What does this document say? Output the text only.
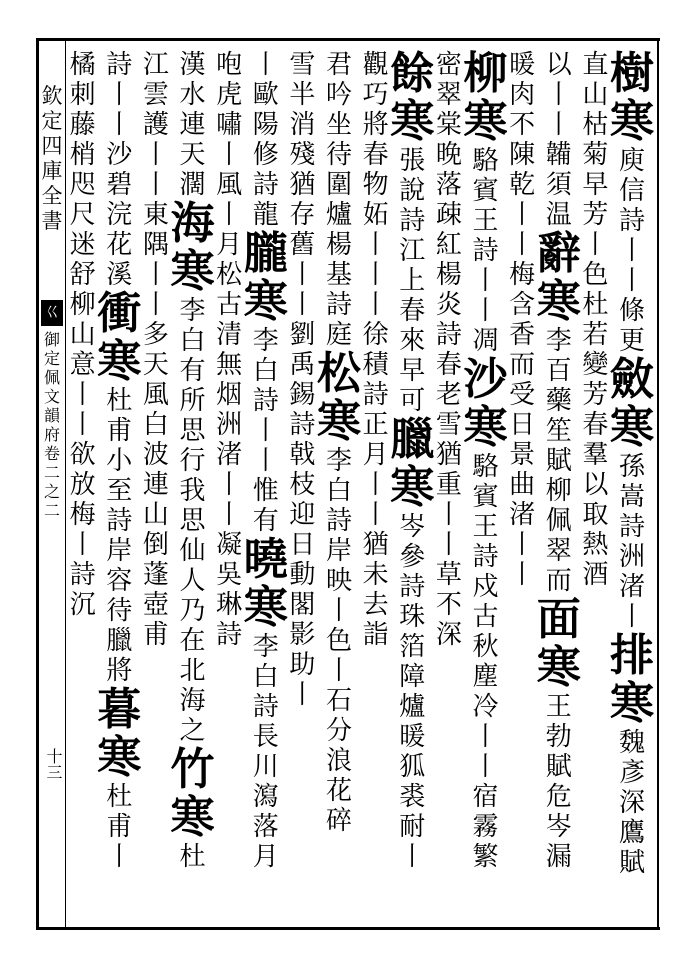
欽
定
四
庫
全
書
巜
御
定
佩
文
韻
府
卷
二
之
二
十三
樹
寒
庾
信
詩
丨
丨
條
更
斂
寒
孫
嵩
詩
洲
渚
丨
排
寒
魏
彥
深
鷹
賦
直
山
枯
菊
早
芳
丨
色
杜
若
變
芳
春
羣
以
取
熱
酒
以
丨
丨
韛
須
温
辭
寒
李
百
藥
笙
賦
柳
佩
翠
而
面
寒
王
勃
賦
危
岑
漏
暖
肉
不
陳
乾
丨
丨
梅
含
香
而
受
日
景
曲
渚
丨
丨
柳
寒
駱
賓
王
詩
丨
丨
凋
沙
寒
駱
賓
王
詩
戍
古
秋
塵
冷
丨
丨
宿
霧
繁
密
翠
棠
晚
落
疎
紅
楊
炎
詩
春
老
雪
猶
重
丨
丨
草
不
深
餘
寒
張
說
詩
江
上
春
來
早
可
臘
寒
岑
參
詩
珠
箔
障
爐
暖
狐
裘
耐
丨
觀
巧
將
春
物
妬
丨
丨
丨
徐
積
詩
正
月
丨
丨
猶
未
去
詣
君
吟
坐
待
圍
爐
楊
基
詩
庭
松
寒
李
白
詩
岸
映
丨
色
丨
石
分
浪
花
碎
雪
半
消
殘
猶
存
舊
丨
丨
劉
禹
錫
詩
戟
枝
迎
日
動
閣
影
助
丨
丨
歐
陽
修
詩
龍
朧
寒
李
白
詩
丨
丨
惟
有
曉
寒
李
白
詩
長
川
瀉
落
月
咆
虎
嘯
丨
風
丨
月
松
古
清
無
烟
洲
渚
丨
丨
凝
吳
琳
詩
漢
水
連
天
濶
海
寒
李
白
有
所
思
行
我
思
仙
人
乃
在
北
海
之
竹
寒
杜
江
雲
護
丨
丨
東
隅
丨
丨
多
天
風
白
波
連
山
倒
蓬
壺
甫
詩
丨
丨
沙
碧
浣
花
溪
衝
寒
杜
甫
小
至
詩
岸
容
待
臘
將
暮
寒
杜
甫
丨
橘
刺
藤
梢
咫
尺
迷
舒
柳
山
意
丨
丨
欲
放
梅
丨
詩
沉
